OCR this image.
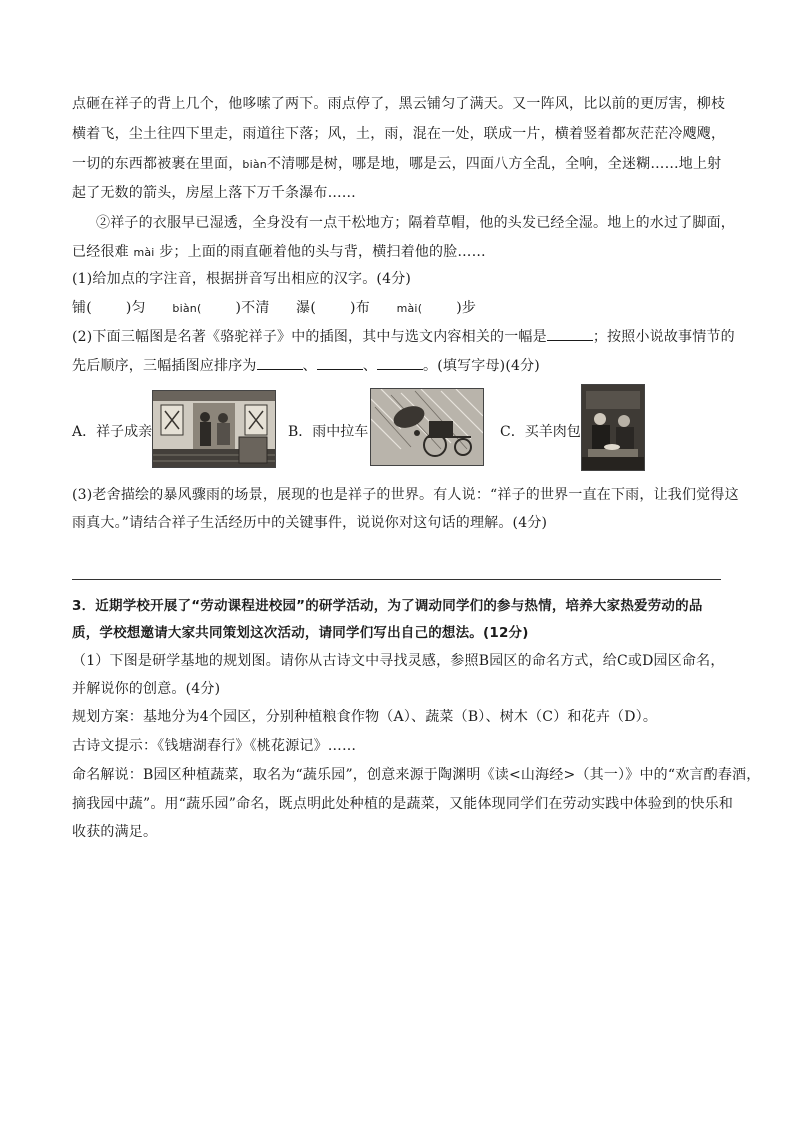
点砸在祥子的背上几个，他哆嗦了两下。雨点停了，黑云铺匀了满天。又一阵风，比以前的更厉害，柳枝
横着飞，尘土往四下里走，雨道往下落；风，土，雨，混在一处，联成一片，横着竖着都灰茫茫冷飕飕，
一切的东西都被裹在里面，biàn不清哪是树，哪是地，哪是云，四面八方全乱，全响，全迷糊……地上射
起了无数的箭头，房屋上落下万千条瀑布……
②祥子的衣服早已湿透，全身没有一点干松地方；隔着草帽，他的头发已经全湿。地上的水过了脚面，
已经很难 mài 步；上面的雨直砸着他的头与背，横扫着他的脸……
(1)给加点的字注音，根据拼音写出相应的汉字。(4分)
铺( )匀 biàn( )不清 瀑( )布 mài( )步
(2)下面三幅图是名著《骆驼祥子》中的插图，其中与选文内容相关的一幅是	；按照小说故事情节的
先后顺序，三幅插图应排序为	、	、	。(填写字母)(4分)
A．祥子成亲	B．雨中拉车	C．买羊肉包
(3)老舍描绘的暴风骤雨的场景，展现的也是祥子的世界。有人说：“祥子的世界一直在下雨，让我们觉得这
雨真大。”请结合祥子生活经历中的关键事件，说说你对这句话的理解。(4分)
3．近期学校开展了“劳动课程进校园”的研学活动，为了调动同学们的参与热情，培养大家热爱劳动的品
质，学校想邀请大家共同策划这次活动，请同学们写出自己的想法。(12分)
（1）下图是研学基地的规划图。请你从古诗文中寻找灵感，参照B园区的命名方式，给C或D园区命名，
并解说你的创意。(4分)
规划方案：基地分为4个园区，分别种植粮食作物（A）、蔬菜（B）、树木（C）和花卉（D）。
古诗文提示：《钱塘湖春行》《桃花源记》……
命名解说：B园区种植蔬菜，取名为“蔬乐园”，创意来源于陶渊明《读<山海经>（其一）》中的“欢言酌春酒，
摘我园中蔬”。用“蔬乐园”命名，既点明此处种植的是蔬菜，又能体现同学们在劳动实践中体验到的快乐和
收获的满足。
